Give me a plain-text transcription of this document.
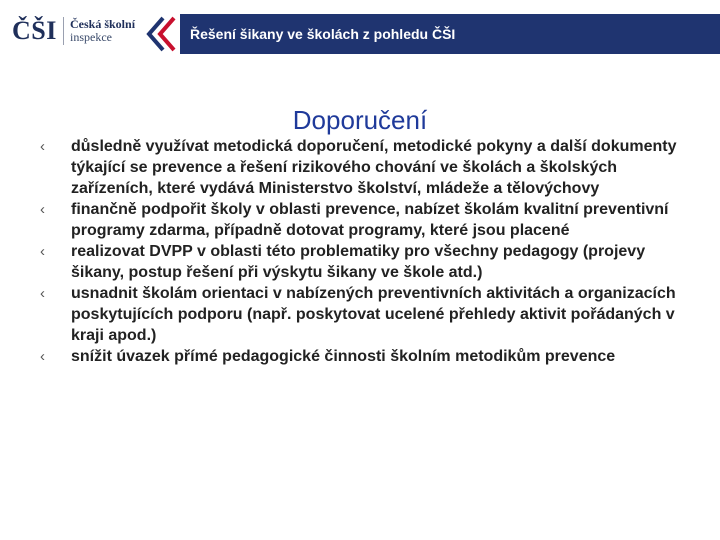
ČŠI Česká školní
inspekce	Řešení šikany ve školách z pohledu ČŠI
Doporučení
‹	důsledně využívat metodická doporučení, metodické pokyny a další dokumenty týkající se prevence a řešení rizikového chování ve školách a školských zařízeních, které vydává Ministerstvo školství, mládeže a tělovýchovy
‹	finančně podpořit školy v oblasti prevence, nabízet školám kvalitní preventivní programy zdarma, případně dotovat programy, které jsou placené
‹	realizovat DVPP v oblasti této problematiky pro všechny pedagogy (projevy šikany, postup řešení při výskytu šikany ve škole atd.)
‹	usnadnit školám orientaci v nabízených preventivních aktivitách a organizacích poskytujících podporu (např. poskytovat ucelené přehledy aktivit pořádaných v kraji apod.)
‹	snížit úvazek přímé pedagogické činnosti školním metodikům prevence
